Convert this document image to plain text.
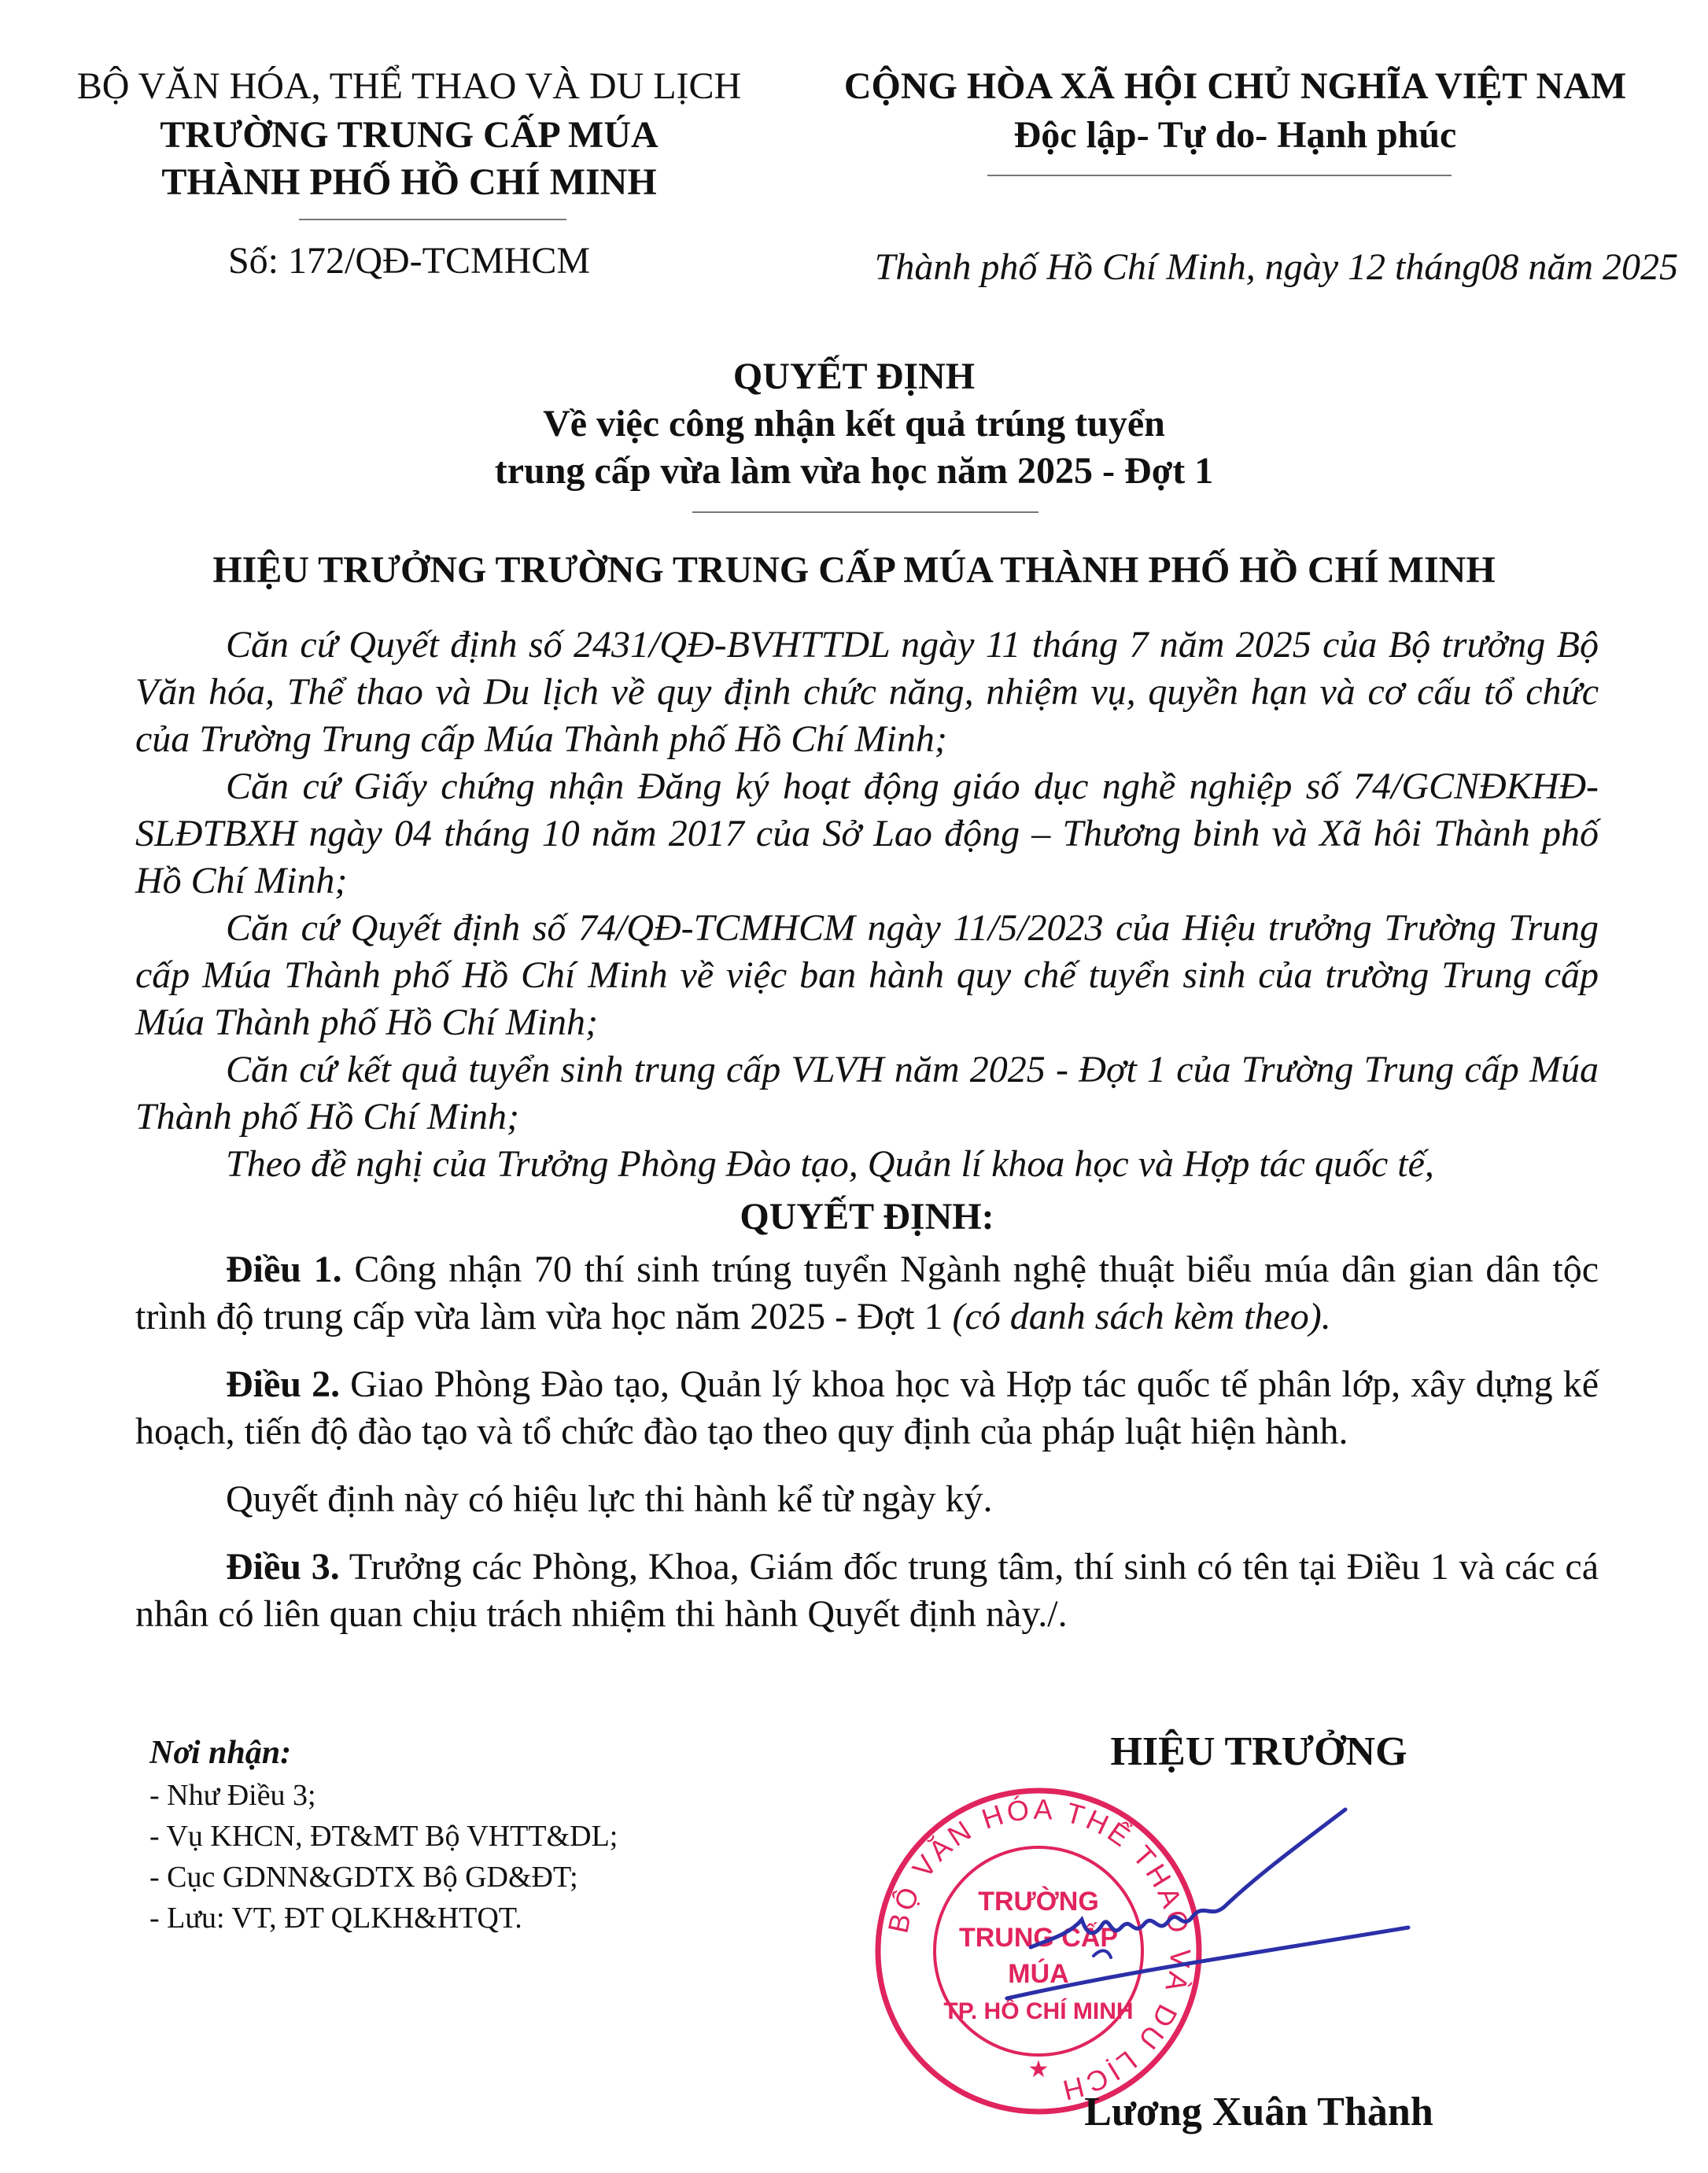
BỘ VĂN HÓA, THỂ THAO VÀ DU LỊCH
TRƯỜNG TRUNG CẤP MÚA
THÀNH PHỐ HỒ CHÍ MINH
Số: 172/QĐ-TCMHCM
CỘNG HÒA XÃ HỘI CHỦ NGHĨA VIỆT NAM
Độc lập- Tự do- Hạnh phúc
Thành phố Hồ Chí Minh, ngày 12 tháng08 năm 2025
QUYẾT ĐỊNH
Về việc công nhận kết quả trúng tuyển
trung cấp vừa làm vừa học năm 2025 - Đợt 1
HIỆU TRƯỞNG TRƯỜNG TRUNG CẤP MÚA THÀNH PHỐ HỒ CHÍ MINH

Căn cứ Quyết định số 2431/QĐ-BVHTTDL ngày 11 tháng 7 năm 2025 của Bộ trưởng Bộ Văn hóa, Thể thao và Du lịch về quy định chức năng, nhiệm vụ, quyền hạn và cơ cấu tổ chức của Trường Trung cấp Múa Thành phố Hồ Chí Minh;

Căn cứ Giấy chứng nhận Đăng ký hoạt động giáo dục nghề nghiệp số 74/GCNĐKHĐ-SLĐTBXH ngày 04 tháng 10 năm 2017 của Sở Lao động – Thương binh và Xã hôi Thành phố Hồ Chí Minh;

Căn cứ Quyết định số 74/QĐ-TCMHCM ngày 11/5/2023 của Hiệu trưởng Trường Trung cấp Múa Thành phố Hồ Chí Minh về việc ban hành quy chế tuyển sinh của trường Trung cấp Múa Thành phố Hồ Chí Minh;

Căn cứ kết quả tuyển sinh trung cấp VLVH năm 2025 - Đợt 1 của Trường Trung cấp Múa Thành phố Hồ Chí Minh;

Theo đề nghị của Trưởng Phòng Đào tạo, Quản lí khoa học và Hợp tác quốc tế,

QUYẾT ĐỊNH:

Điều 1. Công nhận 70 thí sinh trúng tuyển Ngành nghệ thuật biểu múa dân gian dân tộc trình độ trung cấp vừa làm vừa học năm 2025 - Đợt 1 (có danh sách kèm theo).

Điều 2. Giao Phòng Đào tạo, Quản lý khoa học và Hợp tác quốc tế phân lớp, xây dựng kế hoạch, tiến độ đào tạo và tổ chức đào tạo theo quy định của pháp luật hiện hành.

Quyết định này có hiệu lực thi hành kể từ ngày ký.

Điều 3. Trưởng các Phòng, Khoa, Giám đốc trung tâm, thí sinh có tên tại Điều 1 và các cá nhân có liên quan chịu trách nhiệm thi hành Quyết định này./.

Nơi nhận:
- Như Điều 3;
- Vụ KHCN, ĐT&MT Bộ VHTT&DL;
- Cục GDNN&GDTX Bộ GD&ĐT;
- Lưu: VT, ĐT QLKH&HTQT.
HIỆU TRƯỞNG
BỘ VĂN HÓA THỂ THAO VÀ DU LỊCH
★
TRƯỜNG
TRUNG CẤP
MÚA
TP. HỒ CHÍ MINH
Lương Xuân Thành
